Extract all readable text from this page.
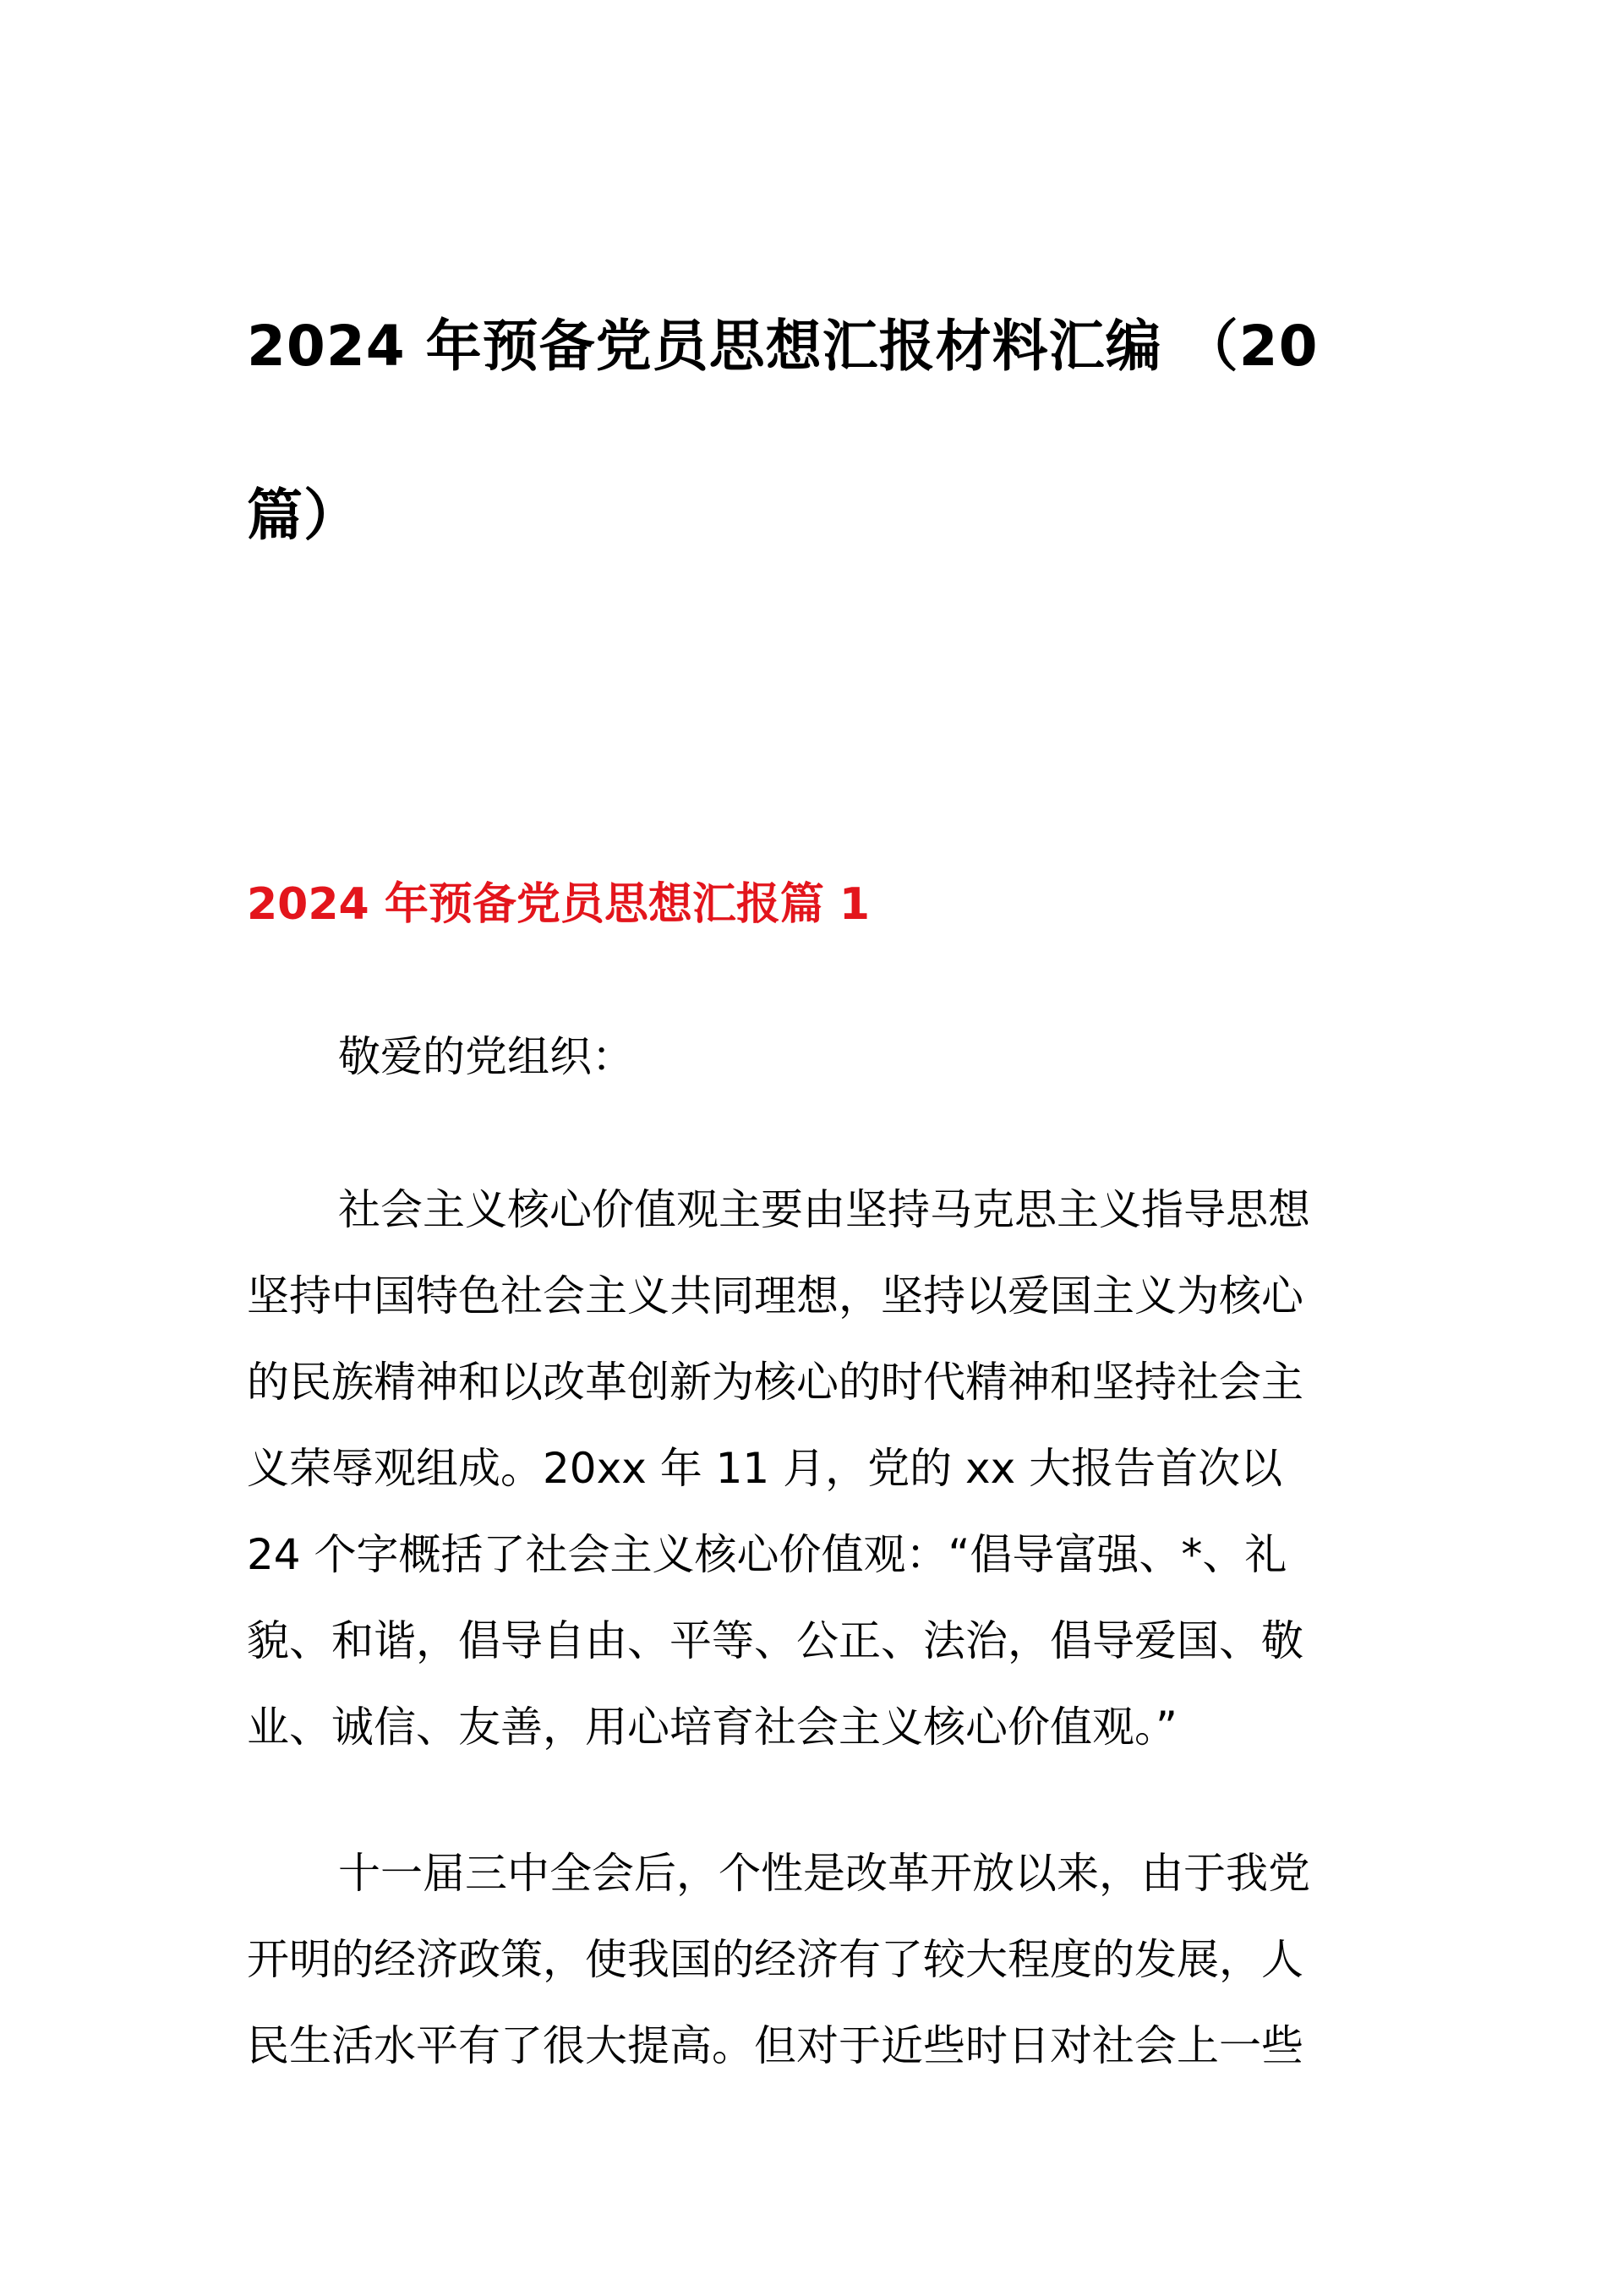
2024 年预备党员思想汇报材料汇编 （20 篇）
2024 年预备党员思想汇报篇 1

敬爱的党组织：

社会主义核心价值观主要由坚持马克思主义指导思想
坚持中国特色社会主义共同理想，坚持以爱国主义为核心
的民族精神和以改革创新为核心的时代精神和坚持社会主
义荣辱观组成。20xx 年 11 月，党的 xx 大报告首次以
24 个字概括了社会主义核心价值观：“倡导富强、*、礼
貌、和谐，倡导自由、平等、公正、法治，倡导爱国、敬
业、诚信、友善，用心培育社会主义核心价值观。”
十一届三中全会后，个性是改革开放以来，由于我党
开明的经济政策，使我国的经济有了较大程度的发展，人
民生活水平有了很大提高。但对于近些时日对社会上一些
